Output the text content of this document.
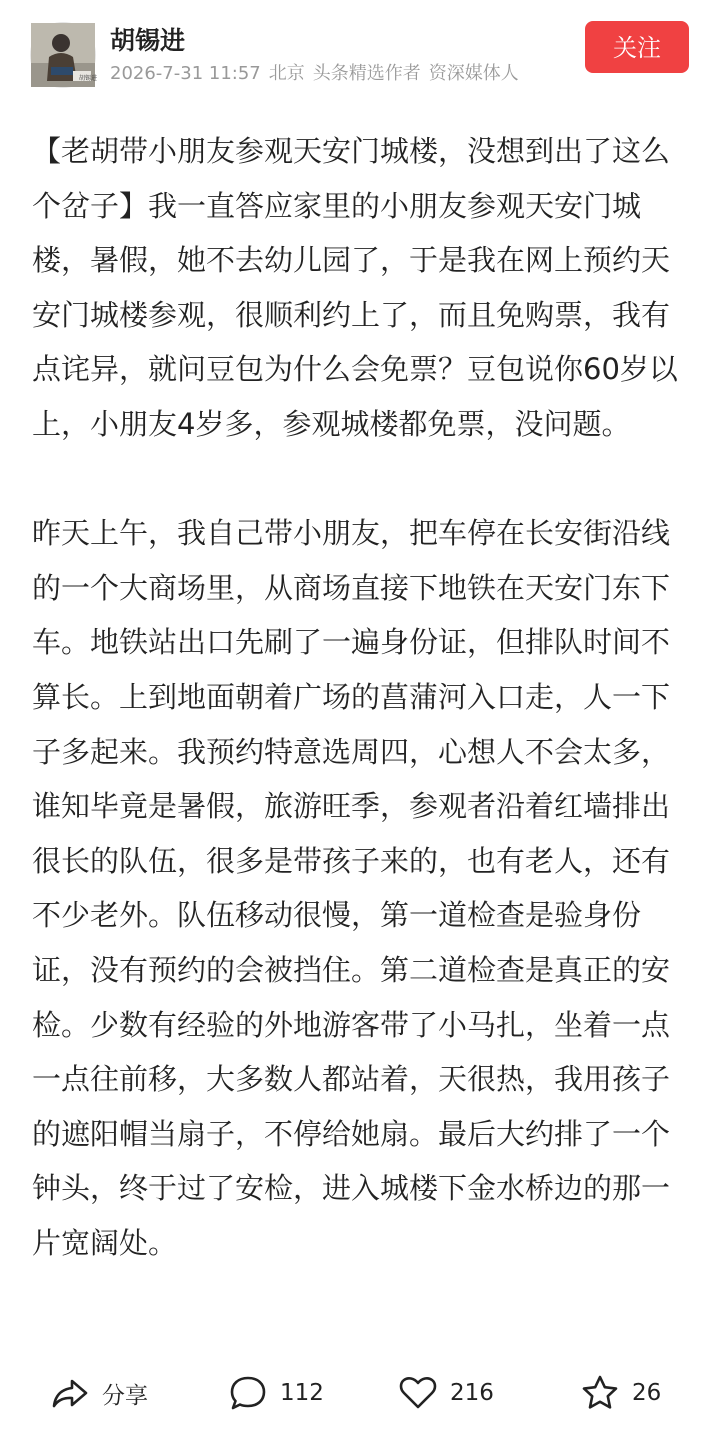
胡锡进
胡锡进
2026-7-31 11:57 北京 头条精选作者 资深媒体人
关注

【老胡带小朋友参观天安门城楼，没想到出了这么个岔子】我一直答应家里的小朋友参观天安门城楼，暑假，她不去幼儿园了，于是我在网上预约天安门城楼参观，很顺利约上了，而且免购票，我有点诧异，就问豆包为什么会免票？豆包说你60岁以上，小朋友4岁多，参观城楼都免票，没问题。

昨天上午，我自己带小朋友，把车停在长安街沿线的一个大商场里，从商场直接下地铁在天安门东下车。地铁站出口先刷了一遍身份证，但排队时间不算长。上到地面朝着广场的菖蒲河入口走，人一下子多起来。我预约特意选周四，心想人不会太多，谁知毕竟是暑假，旅游旺季，参观者沿着红墙排出很长的队伍，很多是带孩子来的，也有老人，还有不少老外。队伍移动很慢，第一道检查是验身份证，没有预约的会被挡住。第二道检查是真正的安检。少数有经验的外地游客带了小马扎，坐着一点一点往前移，大多数人都站着，天很热，我用孩子的遮阳帽当扇子，不停给她扇。最后大约排了一个钟头，终于过了安检，进入城楼下金水桥边的那一片宽阔处。

分享	112	216	26
